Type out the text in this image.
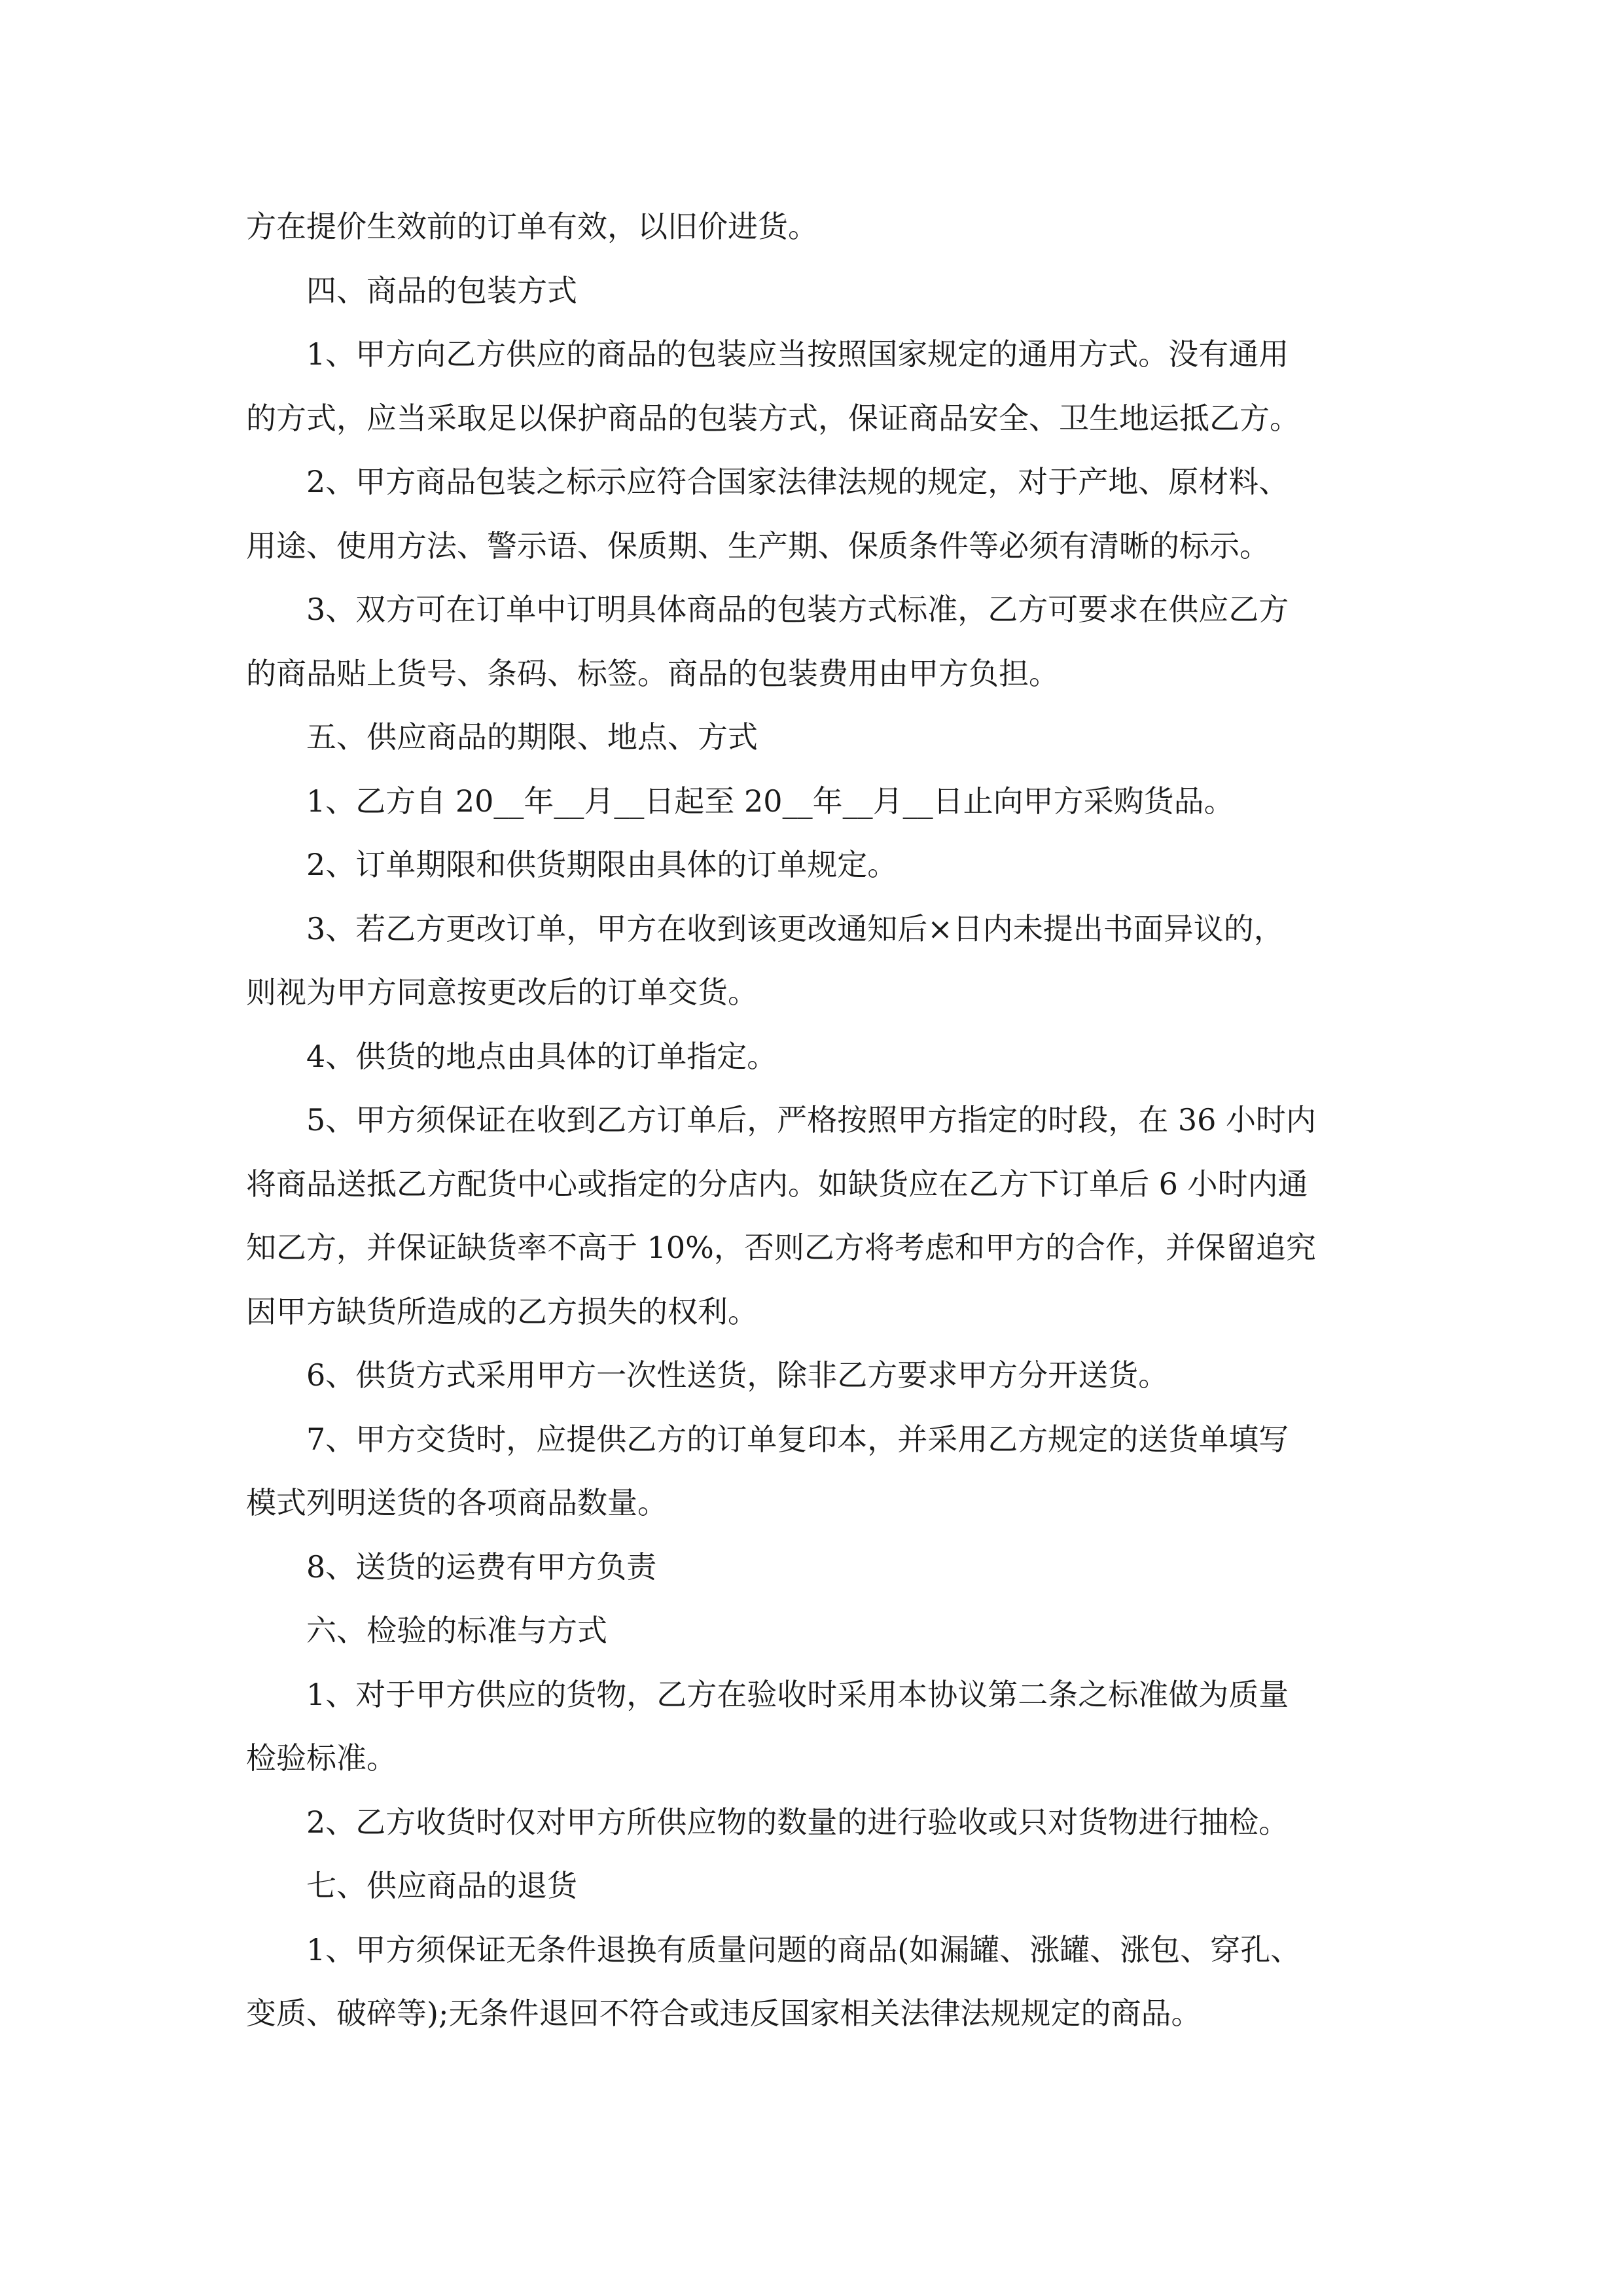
方在提价生效前的订单有效，以旧价进货。
四、商品的包装方式
1、甲方向乙方供应的商品的包装应当按照国家规定的通用方式。没有通用
的方式，应当采取足以保护商品的包装方式，保证商品安全、卫生地运抵乙方。
2、甲方商品包装之标示应符合国家法律法规的规定，对于产地、原材料、
用途、使用方法、警示语、保质期、生产期、保质条件等必须有清晰的标示。
3、双方可在订单中订明具体商品的包装方式标准，乙方可要求在供应乙方
的商品贴上货号、条码、标签。商品的包装费用由甲方负担。
五、供应商品的期限、地点、方式
1、乙方自 20__年__月__日起至 20__年__月__日止向甲方采购货品。
2、订单期限和供货期限由具体的订单规定。
3、若乙方更改订单，甲方在收到该更改通知后×日内未提出书面异议的，
则视为甲方同意按更改后的订单交货。
4、供货的地点由具体的订单指定。
5、甲方须保证在收到乙方订单后，严格按照甲方指定的时段，在 36 小时内
将商品送抵乙方配货中心或指定的分店内。如缺货应在乙方下订单后 6 小时内通
知乙方，并保证缺货率不高于 10%，否则乙方将考虑和甲方的合作，并保留追究
因甲方缺货所造成的乙方损失的权利。
6、供货方式采用甲方一次性送货，除非乙方要求甲方分开送货。
7、甲方交货时，应提供乙方的订单复印本，并采用乙方规定的送货单填写
模式列明送货的各项商品数量。
8、送货的运费有甲方负责
六、检验的标准与方式
1、对于甲方供应的货物，乙方在验收时采用本协议第二条之标准做为质量
检验标准。
2、乙方收货时仅对甲方所供应物的数量的进行验收或只对货物进行抽检。
七、供应商品的退货
1、甲方须保证无条件退换有质量问题的商品(如漏罐、涨罐、涨包、穿孔、
变质、破碎等);无条件退回不符合或违反国家相关法律法规规定的商品。
